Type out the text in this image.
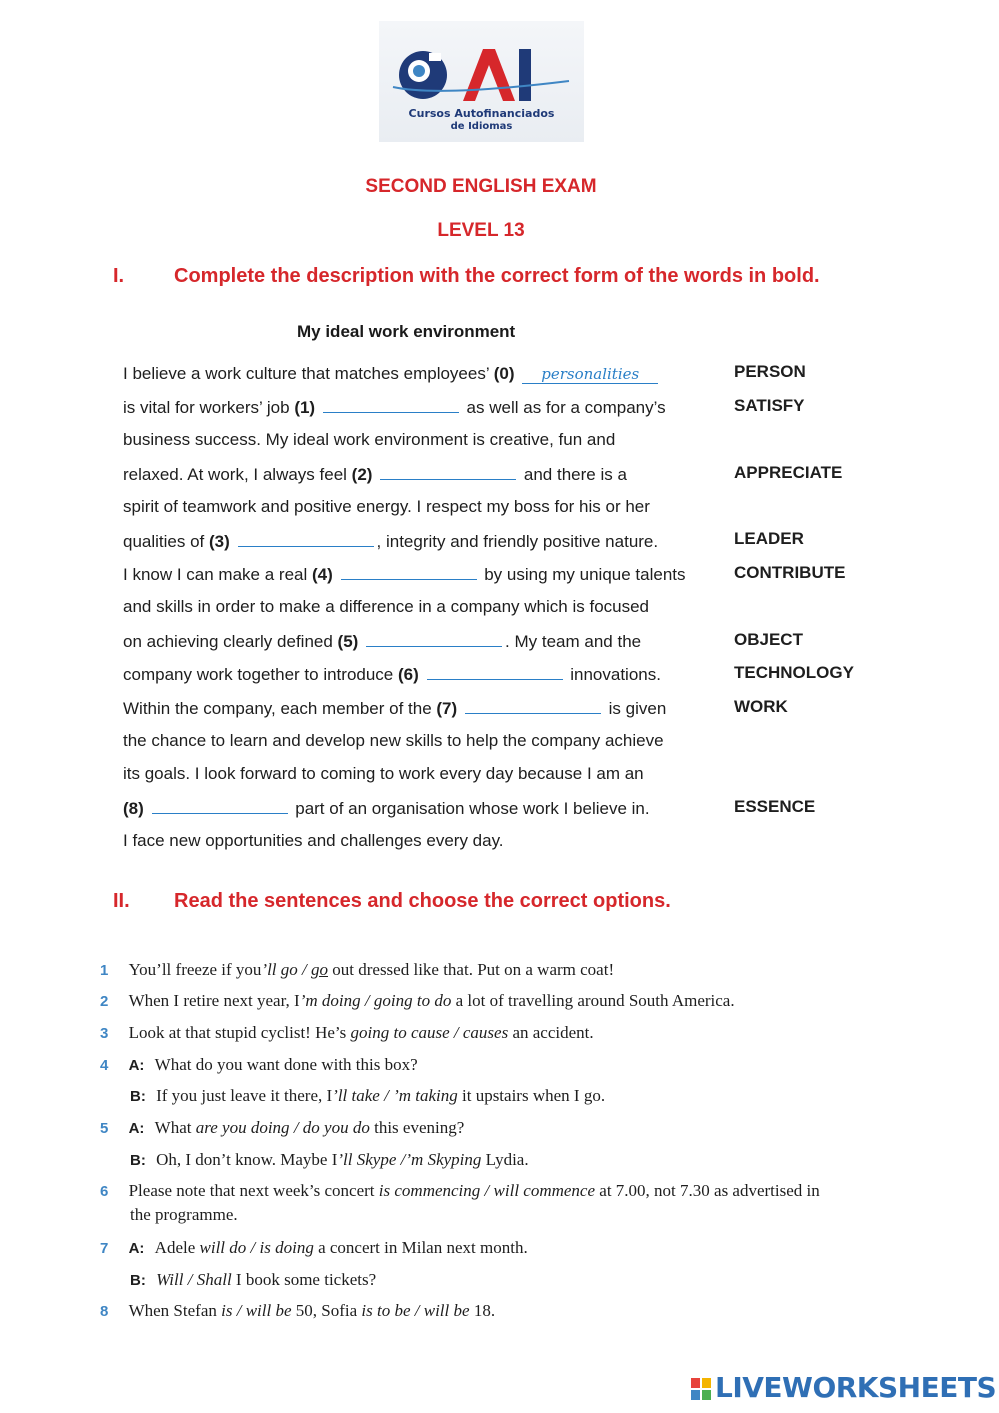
Cursos Autofinanciados
de Idiomas
SECOND ENGLISH EXAM
LEVEL 13
I. Complete the description with the correct form of the words in bold.
My ideal work environment
I believe a work culture that matches employees’ (0) personalities
is vital for workers’ job (1)	as well as for a company’s
business success. My ideal work environment is creative, fun and
relaxed. At work, I always feel (2)	and there is a
spirit of teamwork and positive energy. I respect my boss for his or her
qualities of (3)	, integrity and friendly positive nature.
I know I can make a real (4)	by using my unique talents
and skills in order to make a difference in a company which is focused
on achieving clearly defined (5)	. My team and the
company work together to introduce (6)	innovations.
Within the company, each member of the (7)	is given
the chance to learn and develop new skills to help the company achieve
its goals. I look forward to coming to work every day because I am an
(8)	part of an organisation whose work I believe in.
I face new opportunities and challenges every day.
PERSON
SATISFY
APPRECIATE
LEADER
CONTRIBUTE
OBJECT
TECHNOLOGY
WORK
ESSENCE
II. Read the sentences and choose the correct options.
1 You’ll freeze if you’ll go / go out dressed like that. Put on a warm coat!
2 When I retire next year, I’m doing / going to do a lot of travelling around South America.
3 Look at that stupid cyclist! He’s going to cause / causes an accident.
4 A: What do you want done with this box?
B: If you just leave it there, I’ll take / ’m taking it upstairs when I go.
5 A: What are you doing / do you do this evening?
B: Oh, I don’t know. Maybe I’ll Skype /’m Skyping Lydia.
6 Please note that next week’s concert is commencing / will commence at 7.00, not 7.30 as advertised in
the programme.
7 A: Adele will do / is doing a concert in Milan next month.
B: Will / Shall I book some tickets?
8 When Stefan is / will be 50, Sofia is to be / will be 18.
LIVEWORKSHEETS
